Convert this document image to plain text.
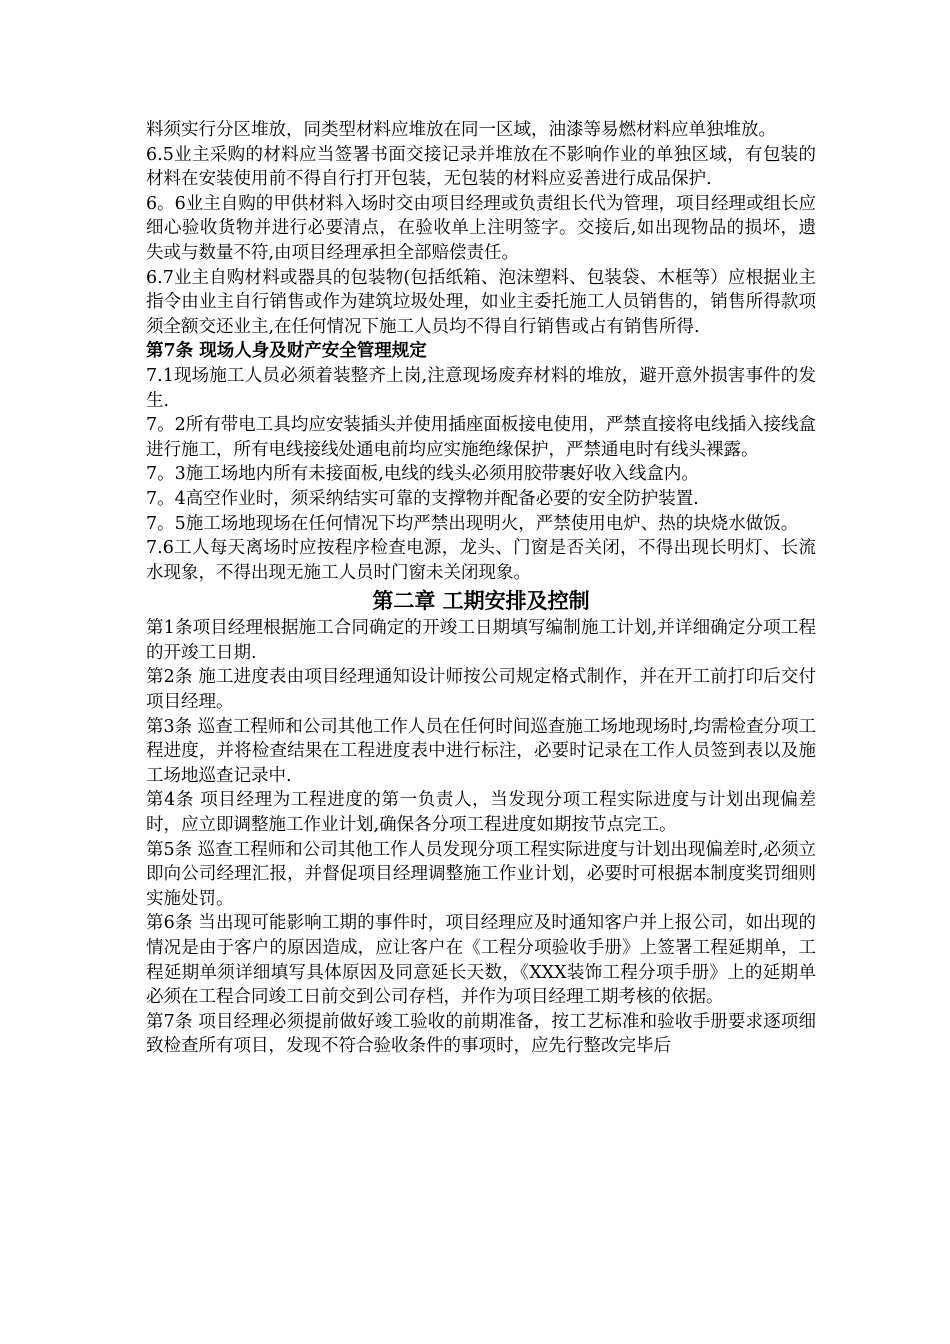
料须实行分区堆放，同类型材料应堆放在同一区域，油漆等易燃材料应单独堆放。

6.5业主采购的材料应当签署书面交接记录并堆放在不影响作业的单独区域，有包装的材料在安装使用前不得自行打开包装，无包装的材料应妥善进行成品保护.

6。6业主自购的甲供材料入场时交由项目经理或负责组长代为管理，项目经理或组长应细心验收货物并进行必要清点，在验收单上注明签字。交接后,如出现物品的损坏，遗失或与数量不符,由项目经理承担全部赔偿责任。

6.7业主自购材料或器具的包装物(包括纸箱、泡沫塑料、包装袋、木框等）应根据业主指令由业主自行销售或作为建筑垃圾处理，如业主委托施工人员销售的，销售所得款项须全额交还业主,在任何情况下施工人员均不得自行销售或占有销售所得.

第7条 现场人身及财产安全管理规定

7.1现场施工人员必须着装整齐上岗,注意现场废弃材料的堆放，避开意外损害事件的发生.

7。2所有带电工具均应安装插头并使用插座面板接电使用，严禁直接将电线插入接线盒进行施工，所有电线接线处通电前均应实施绝缘保护，严禁通电时有线头裸露。

7。3施工场地内所有未接面板,电线的线头必须用胶带裹好收入线盒内。

7。4高空作业时，须采纳结实可靠的支撑物并配备必要的安全防护装置.

7。5施工场地现场在任何情况下均严禁出现明火，严禁使用电炉、热的块烧水做饭。

7.6工人每天离场时应按程序检查电源，龙头、门窗是否关闭，不得出现长明灯、长流水现象，不得出现无施工人员时门窗未关闭现象。

第二章 工期安排及控制

第1条项目经理根据施工合同确定的开竣工日期填写编制施工计划,并详细确定分项工程的开竣工日期.

第2条 施工进度表由项目经理通知设计师按公司规定格式制作，并在开工前打印后交付项目经理。

第3条 巡查工程师和公司其他工作人员在任何时间巡查施工场地现场时,均需检查分项工程进度，并将检查结果在工程进度表中进行标注，必要时记录在工作人员签到表以及施工场地巡查记录中.

第4条 项目经理为工程进度的第一负责人，当发现分项工程实际进度与计划出现偏差时，应立即调整施工作业计划,确保各分项工程进度如期按节点完工。

第5条 巡查工程师和公司其他工作人员发现分项工程实际进度与计划出现偏差时,必须立即向公司经理汇报，并督促项目经理调整施工作业计划，必要时可根据本制度奖罚细则实施处罚。

第6条 当出现可能影响工期的事件时，项目经理应及时通知客户并上报公司，如出现的情况是由于客户的原因造成，应让客户在《工程分项验收手册》上签署工程延期单，工程延期单须详细填写具体原因及同意延长天数，《XXX装饰工程分项手册》上的延期单必须在工程合同竣工日前交到公司存档，并作为项目经理工期考核的依据。

第7条 项目经理必须提前做好竣工验收的前期准备，按工艺标准和验收手册要求逐项细致检查所有项目，发现不符合验收条件的事项时，应先行整改完毕后
